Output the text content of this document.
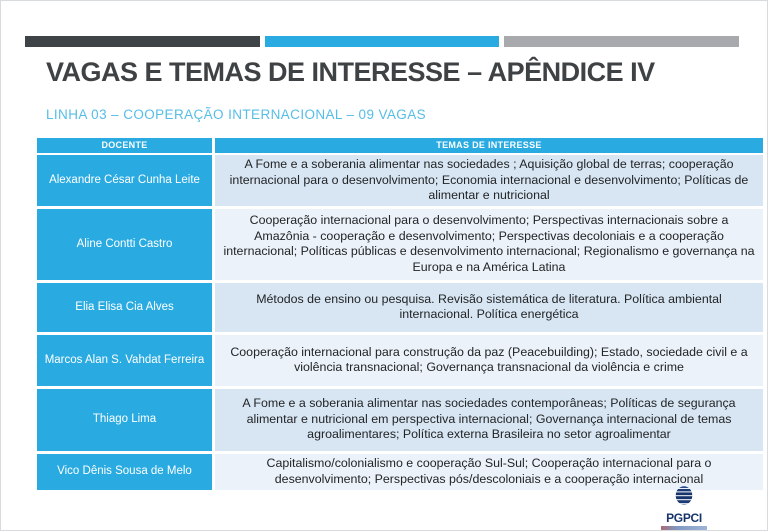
VAGAS E TEMAS DE INTERESSE – APÊNDICE IV
LINHA 03 – COOPERAÇÃO INTERNACIONAL – 09 VAGAS
DOCENTE	TEMAS DE INTERESSE
Alexandre César Cunha Leite
A Fome e a soberania alimentar nas sociedades ; Aquisição global de terras; cooperação internacional para o desenvolvimento; Economia internacional e desenvolvimento; Políticas de alimentar e nutricional
Aline Contti Castro
Cooperação internacional para o desenvolvimento; Perspectivas internacionais sobre a Amazônia - cooperação e desenvolvimento; Perspectivas decoloniais e a cooperação internacional; Políticas públicas e desenvolvimento internacional; Regionalismo e governança na Europa e na América Latina
Elia Elisa Cia Alves
Métodos de ensino ou pesquisa. Revisão sistemática de literatura. Política ambiental internacional. Política energética
Marcos Alan S. Vahdat Ferreira
Cooperação internacional para construção da paz (Peacebuilding); Estado, sociedade civil e a violência transnacional; Governança transnacional da violência e crime
Thiago Lima
A Fome e a soberania alimentar nas sociedades contemporâneas; Políticas de segurança alimentar e nutricional em perspectiva internacional; Governança internacional de temas agroalimentares; Política externa Brasileira no setor agroalimentar
Vico Dênis Sousa de Melo
Capitalismo/colonialismo e cooperação Sul-Sul; Cooperação internacional para o desenvolvimento; Perspectivas pós/descoloniais e a cooperação internacional
PGPCI
